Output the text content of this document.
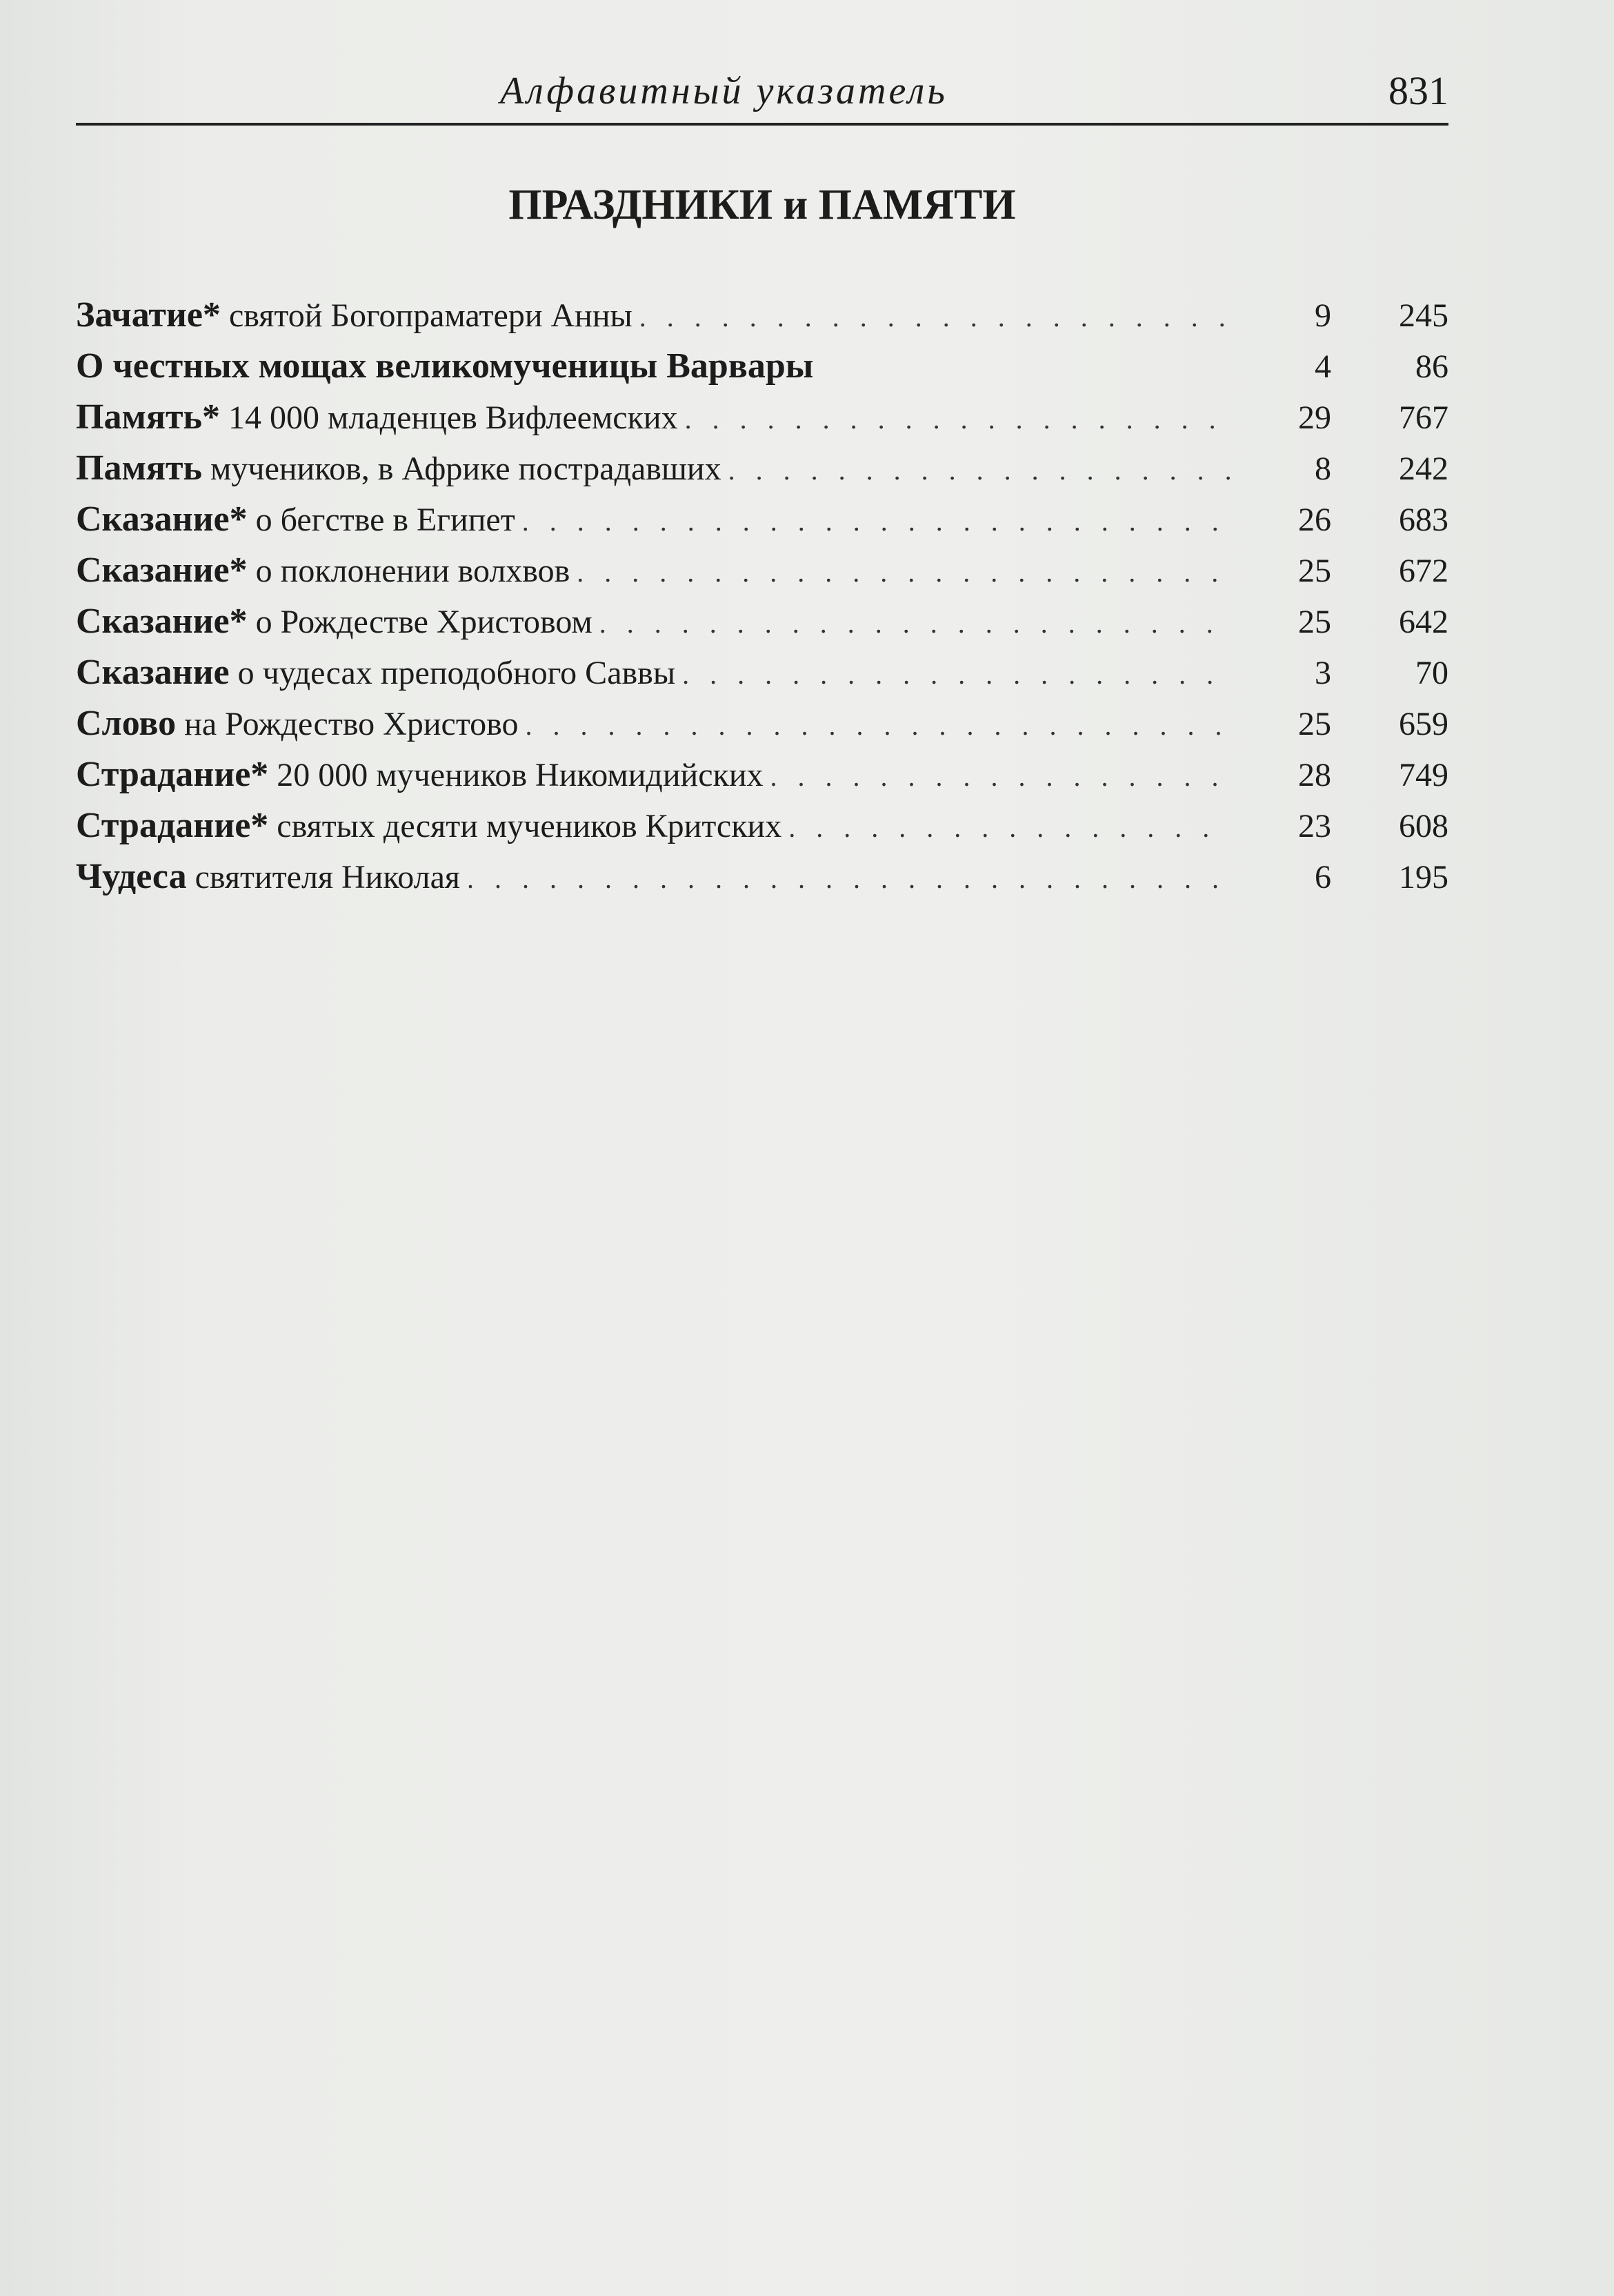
Алфавитный указатель	831
ПРАЗДНИКИ и ПАМЯТИ
Зачатие* святой Богопраматери Анны . . .	9	245
О честных мощах великомученицы Варвары	4	86
Память* 14 000 младенцев Вифлеемских . . .	29	767
Память мучеников, в Африке пострадавших . . .	8	242
Сказание* о бегстве в Египет . . .	26	683
Сказание* о поклонении волхвов . . .	25	672
Сказание* о Рождестве Христовом . . .	25	642
Сказание о чудесах преподобного Саввы . . .	3	70
Слово на Рождество Христово . . .	25	659
Страдание* 20 000 мучеников Никомидийских . . .	28	749
Страдание* святых десяти мучеников Критских . . .	23	608
Чудеса святителя Николая . . .	6	195
